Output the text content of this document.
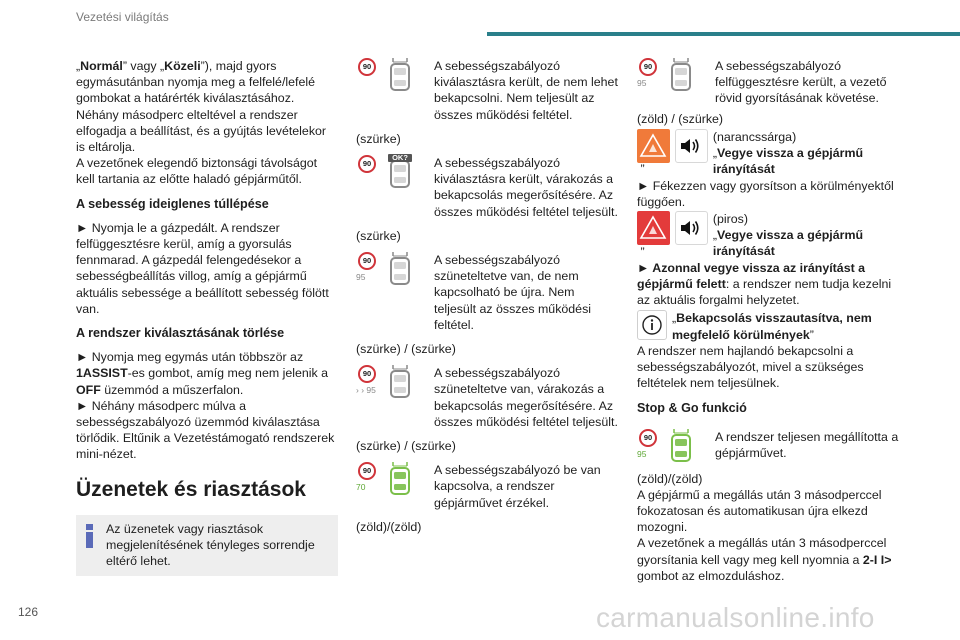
Vezetési világítás
„Normál” vagy „Közeli”), majd gyors egymásutánban nyomja meg a felfelé/lefelé gombokat a határérték kiválasztásához.
Néhány másodperc elteltével a rendszer elfogadja a beállítást, és a gyújtás levételekor is eltárolja.
A vezetőnek elegendő biztonsági távolságot kell tartania az előtte haladó gépjárműtől.
A sebesség ideiglenes túllépése
► Nyomja le a gázpedált. A rendszer felfüggesztésre kerül, amíg a gyorsulás fennmarad. A gázpedál felengedésekor a sebességbeállítás villog, amíg a gépjármű aktuális sebessége a beállított sebesség fölött van.
A rendszer kiválasztásának törlése
► Nyomja meg egymás után többször az 1ASSIST-es gombot, amíg meg nem jelenik a OFF üzemmód a műszerfalon.
► Néhány másodperc múlva a sebességszabályozó üzemmód kiválasztása törlődik. Eltűnik a Vezetéstámogató rendszerek mini-nézet.
Üzenetek és riasztások
Az üzenetek vagy riasztások megjelenítésének tényleges sorrendje eltérő lehet.
90	A sebességszabályozó kiválasztásra került, de nem lehet bekapcsolni. Nem teljesült az összes működési feltétel.
(szürke)
90
OK?	A sebességszabályozó kiválasztásra került, várakozás a bekapcsolás megerősítésére. Az összes működési feltétel teljesült.
(szürke)
90
95
A sebességszabályozó szüneteltetve van, de nem kapcsolható be újra. Nem teljesült az összes működési feltétel.
(szürke) / (szürke)
90
› › 95
A sebességszabályozó szüneteltetve van, várakozás a bekapcsolás megerősítésére. Az összes működési feltétel teljesült.
(szürke) / (szürke)
90
70
A sebességszabályozó be van kapcsolva, a rendszer gépjárművet érzékel.
(zöld)/(zöld)
90
95
A sebességszabályozó felfüggesztésre került, a vezető rövid gyorsításának követése.
(zöld) / (szürke)
(narancssárga)
„Vegye vissza a gépjármű irányítását
”
► Fékezzen vagy gyorsítson a körülményektől függően.
(piros)
„Vegye vissza a gépjármű irányítását
”
► Azonnal vegye vissza az irányítást a gépjármű felett: a rendszer nem tudja kezelni az aktuális forgalmi helyzetet.
„Bekapcsolás visszautasítva, nem megfelelő körülmények”
A rendszer nem hajlandó bekapcsolni a sebességszabályozót, mivel a szükséges feltételek nem teljesülnek.
Stop & Go funkció
90
95
A rendszer teljesen megállította a gépjárművet.
(zöld)/(zöld)
A gépjármű a megállás után 3 másodperccel fokozatosan és automatikusan újra elkezd mozogni.
A vezetőnek a megállás után 3 másodperccel gyorsítania kell vagy meg kell nyomnia a 2-I I> gombot az elmozduláshoz.
126	carmanualsonline.info
